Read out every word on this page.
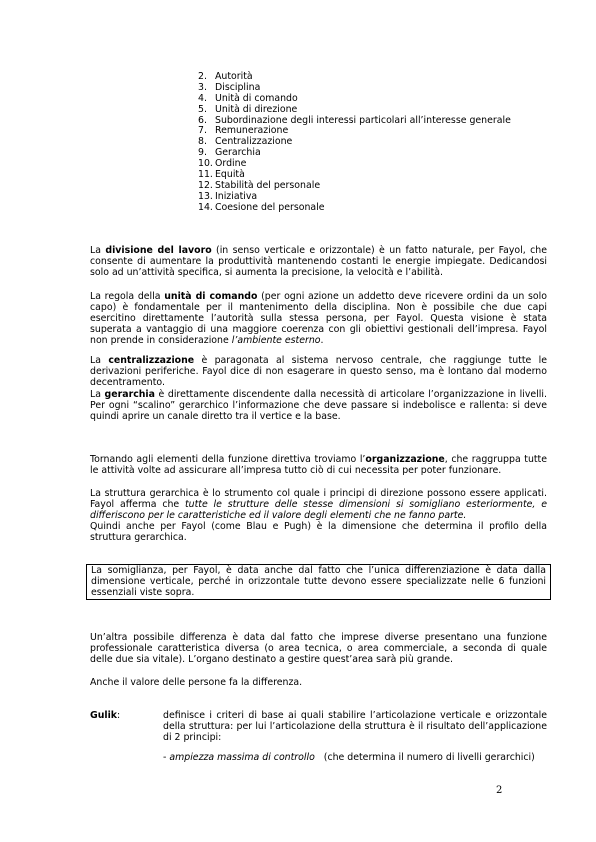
2. Autorità
3. Disciplina
4. Unità di comando
5. Unità di direzione
6. Subordinazione degli interessi particolari all’interesse generale
7. Remunerazione
8. Centralizzazione
9. Gerarchia
10. Ordine
11. Equità
12. Stabilità del personale
13. Iniziativa
14. Coesione del personale

La divisione del lavoro (in senso verticale e orizzontale) è un fatto naturale, per Fayol, che consente di aumentare la produttività mantenendo costanti le energie impiegate. Dedicandosi solo ad un’attività specifica, si aumenta la precisione, la velocità e l’abilità.

La regola della unità di comando (per ogni azione un addetto deve ricevere ordini da un solo capo) è fondamentale per il mantenimento della disciplina. Non è possibile che due capi esercitino direttamente l’autorità sulla stessa persona, per Fayol. Questa visione è stata superata a vantaggio di una maggiore coerenza con gli obiettivi gestionali dell’impresa. Fayol non prende in considerazione l’ambiente esterno.

La centralizzazione è paragonata al sistema nervoso centrale, che raggiunge tutte le derivazioni periferiche. Fayol dice di non esagerare in questo senso, ma è lontano dal moderno decentramento.

La gerarchia è direttamente discendente dalla necessità di articolare l’organizzazione in livelli. Per ogni “scalino” gerarchico l’informazione che deve passare si indebolisce e rallenta: si deve quindi aprire un canale diretto tra il vertice e la base.

Tornando agli elementi della funzione direttiva troviamo l’organizzazione, che raggruppa tutte le attività volte ad assicurare all’impresa tutto ciò di cui necessita per poter funzionare.

La struttura gerarchica è lo strumento col quale i principi di direzione possono essere applicati. Fayol afferma che tutte le strutture delle stesse dimensioni si somigliano esteriormente, e differiscono per le caratteristiche ed il valore degli elementi che ne fanno parte.

Quindi anche per Fayol (come Blau e Pugh) è la dimensione che determina il profilo della struttura gerarchica.

La somiglianza, per Fayol, è data anche dal fatto che l’unica differenziazione è data dalla dimensione verticale, perché in orizzontale tutte devono essere specializzate nelle 6 funzioni essenziali viste sopra.

Un’altra possibile differenza è data dal fatto che imprese diverse presentano una funzione professionale caratteristica diversa (o area tecnica, o area commerciale, a seconda di quale delle due sia vitale). L’organo destinato a gestire quest’area sarà più grande.

Anche il valore delle persone fa la differenza.

Gulik:	definisce i criteri di base ai quali stabilire l’articolazione verticale e orizzontale della struttura: per lui l’articolazione della struttura è il risultato dell’applicazione di 2 principi:
- ampiezza massima di controllo   (che determina il numero di livelli gerarchici)
2
